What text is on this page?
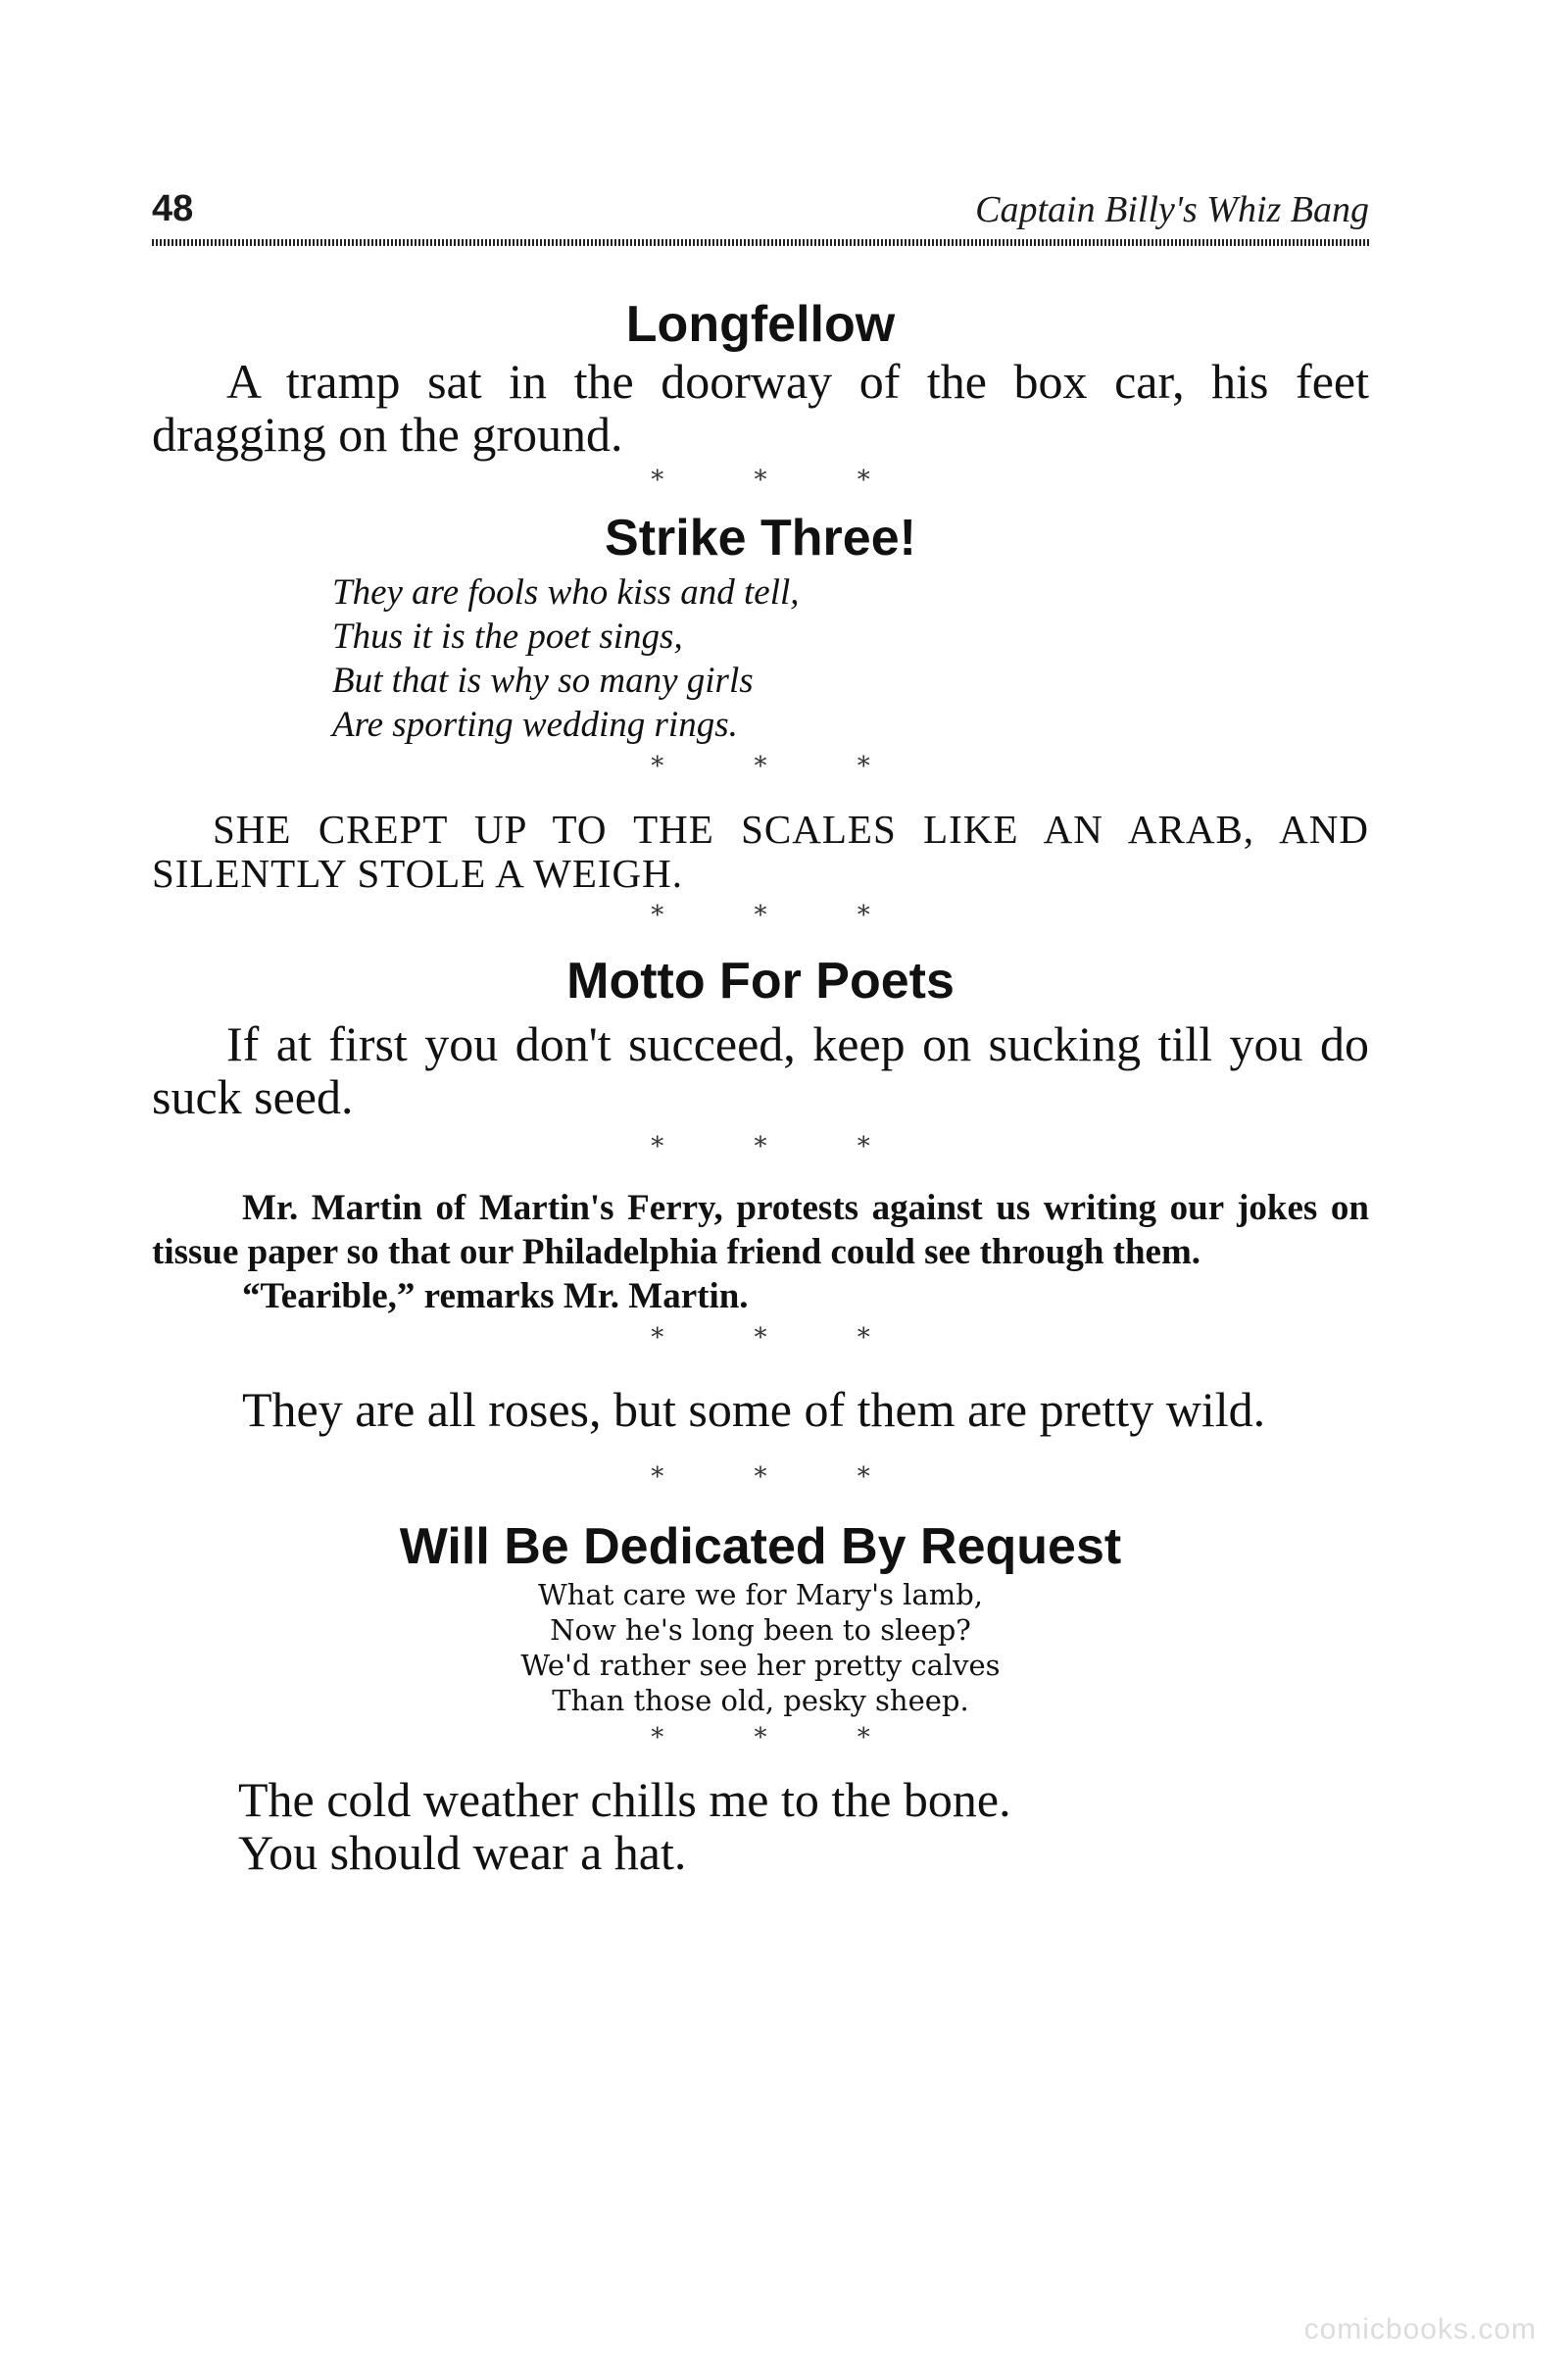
48	Captain Billy's Whiz Bang
Longfellow

A tramp sat in the doorway of the box car, his feet dragging on the ground.

* * *

Strike Three!
They are fools who kiss and tell,
Thus it is the poet sings,
But that is why so many girls
Are sporting wedding rings.

* * *

SHE CREPT UP TO THE SCALES LIKE AN ARAB, AND SILENTLY STOLE A WEIGH.

* * *

Motto For Poets

If at first you don't succeed, keep on sucking till you do suck seed.

* * *

Mr. Martin of Martin's Ferry, protests against us writing our jokes on tissue paper so that our Philadelphia friend could see through them.

“Tearible,” remarks Mr. Martin.

* * *

They are all roses, but some of them are pretty wild.

* * *

Will Be Dedicated By Request
What care we for Mary's lamb,
Now he's long been to sleep?
We'd rather see her pretty calves
Than those old, pesky sheep.

* * *

The cold weather chills me to the bone.
You should wear a hat.
comicbooks.com
